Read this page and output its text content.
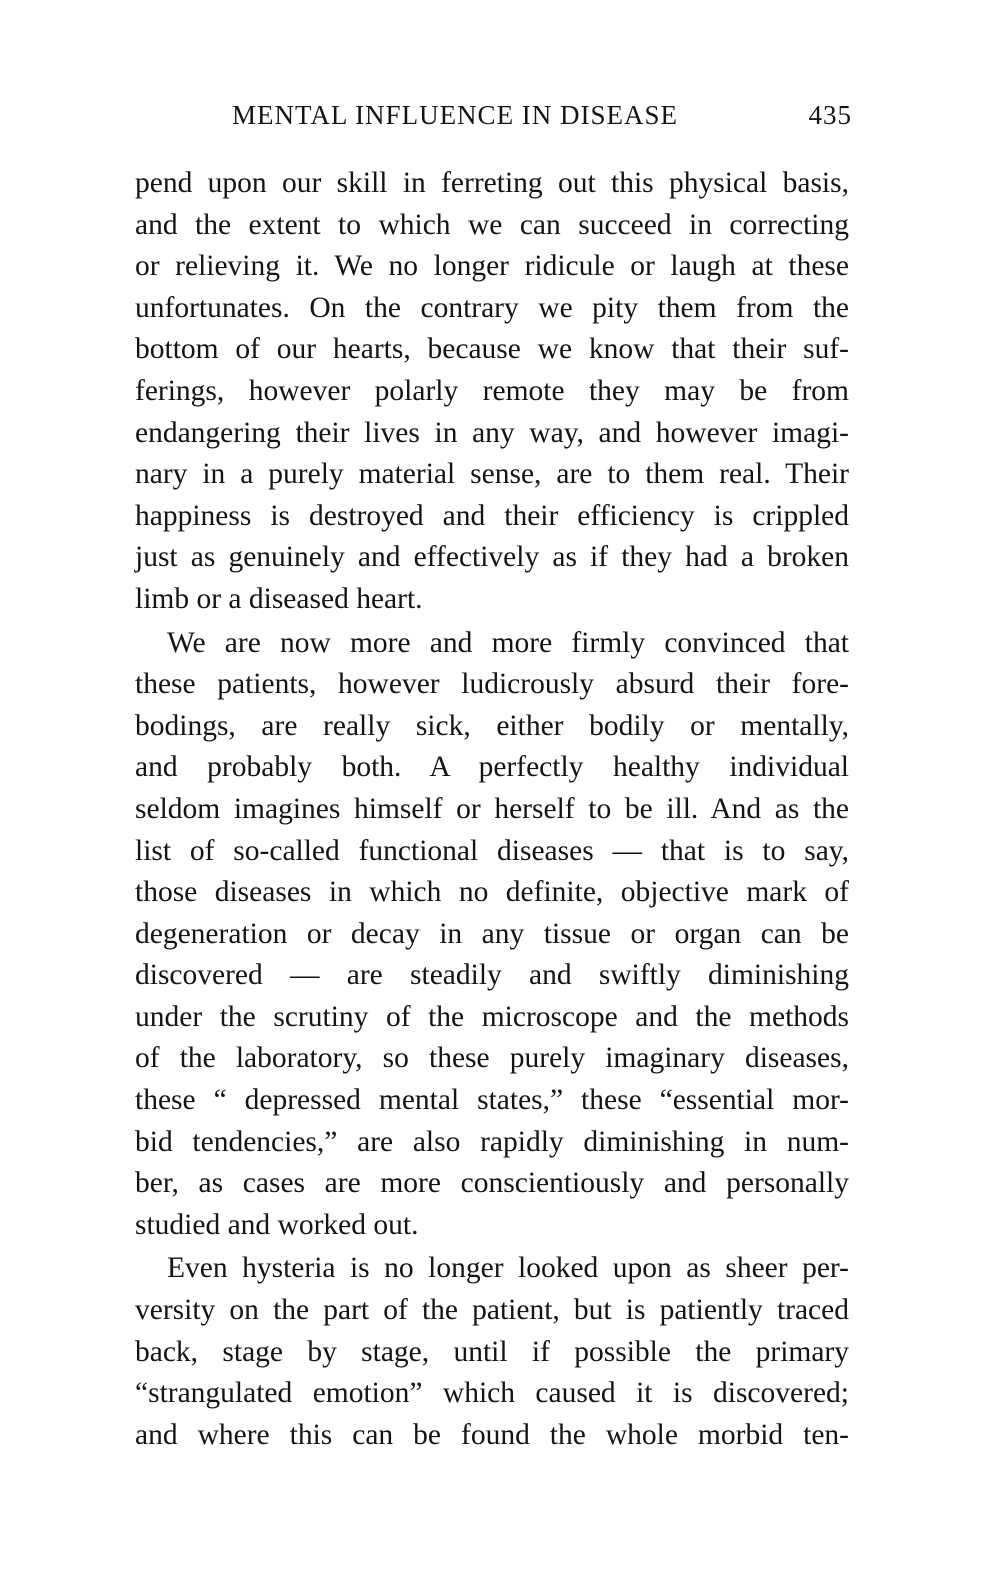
MENTAL INFLUENCE IN DISEASE	435
pend upon our skill in ferreting out this physical basis,
and the extent to which we can succeed in correcting
or relieving it. We no longer ridicule or laugh at these
unfortunates. On the contrary we pity them from the
bottom of our hearts, because we know that their suf-
ferings, however polarly remote they may be from
endangering their lives in any way, and however imagi-
nary in a purely material sense, are to them real. Their
happiness is destroyed and their efficiency is crippled
just as genuinely and effectively as if they had a broken
limb or a diseased heart.
We are now more and more firmly convinced that
these patients, however ludicrously absurd their fore-
bodings, are really sick, either bodily or mentally,
and probably both. A perfectly healthy individual
seldom imagines himself or herself to be ill. And as the
list of so-called functional diseases — that is to say,
those diseases in which no definite, objective mark of
degeneration or decay in any tissue or organ can be
discovered — are steadily and swiftly diminishing
under the scrutiny of the microscope and the methods
of the laboratory, so these purely imaginary diseases,
these “ depressed mental states,” these “essential mor-
bid tendencies,” are also rapidly diminishing in num-
ber, as cases are more conscientiously and personally
studied and worked out.
Even hysteria is no longer looked upon as sheer per-
versity on the part of the patient, but is patiently traced
back, stage by stage, until if possible the primary
“strangulated emotion” which caused it is discovered;
and where this can be found the whole morbid ten-
